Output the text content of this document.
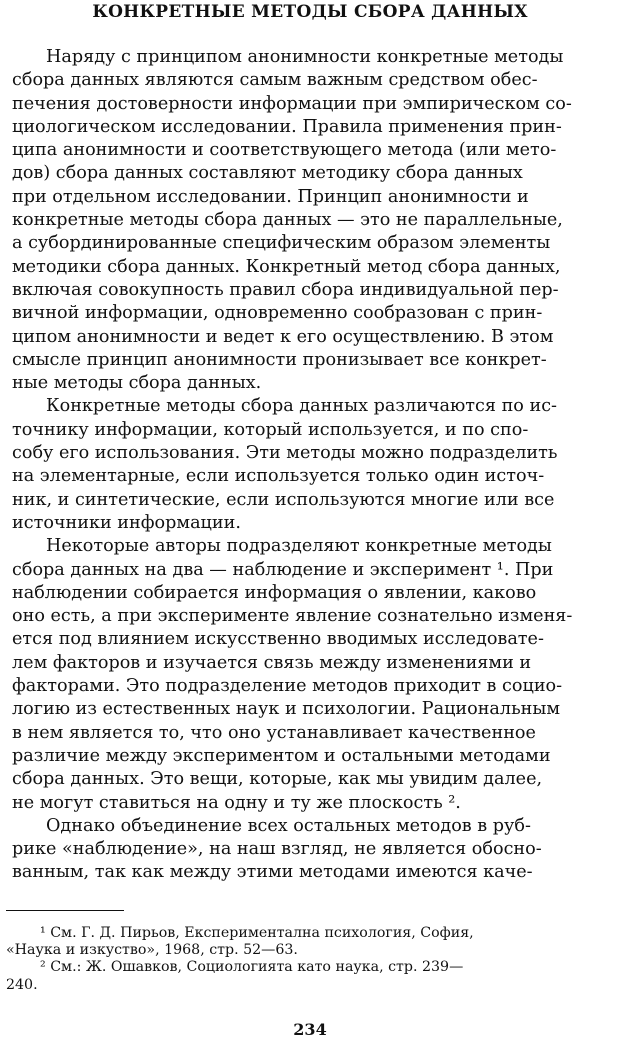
КОНКРЕТНЫЕ МЕТОДЫ СБОРА ДАННЫХ
Наряду с принципом анонимности конкретные методы
сбора данных являются самым важным средством обес-
печения достоверности информации при эмпирическом со-
циологическом исследовании. Правила применения прин-
ципа анонимности и соответствующего метода (или мето-
дов) сбора данных составляют методику сбора данных
при отдельном исследовании. Принцип анонимности и
конкретные методы сбора данных — это не параллельные,
а субординированные специфическим образом элементы
методики сбора данных. Конкретный метод сбора данных,
включая совокупность правил сбора индивидуальной пер-
вичной информации, одновременно сообразован с прин-
ципом анонимности и ведет к его осуществлению. В этом
смысле принцип анонимности пронизывает все конкрет-
ные методы сбора данных.
Конкретные методы сбора данных различаются по ис-
точнику информации, который используется, и по спо-
собу его использования. Эти методы можно подразделить
на элементарные, если используется только один источ-
ник, и синтетические, если используются многие или все
источники информации.
Некоторые авторы подразделяют конкретные методы
сбора данных на два — наблюдение и эксперимент ¹. При
наблюдении собирается информация о явлении, каково
оно есть, а при эксперименте явление сознательно изменя-
ется под влиянием искусственно вводимых исследовате-
лем факторов и изучается связь между изменениями и
факторами. Это подразделение методов приходит в социо-
логию из естественных наук и психологии. Рациональным
в нем является то, что оно устанавливает качественное
различие между экспериментом и остальными методами
сбора данных. Это вещи, которые, как мы увидим далее,
не могут ставиться на одну и ту же плоскость ².
Однако объединение всех остальных методов в руб-
рике «наблюдение», на наш взгляд, не является обосно-
ванным, так как между этими методами имеются каче-
¹ См. Г. Д. Пирьов, Експериментална психология, София,
«Наука и изкуство», 1968, стр. 52—63.
² См.: Ж. Ошавков, Социологията като наука, стр. 239—
240.
234
